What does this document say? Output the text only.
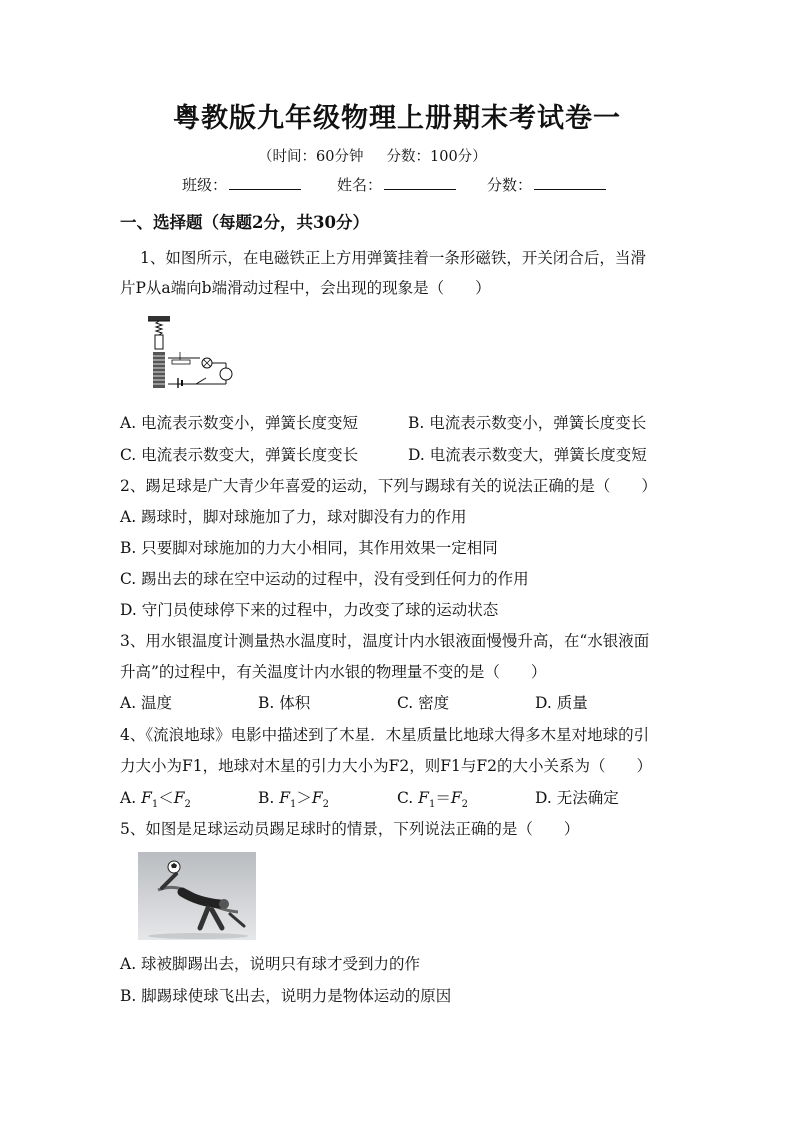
粤教版九年级物理上册期末考试卷一
（时间：60分钟     分数：100分）
班级：	姓名：	分数：
一、选择题（每题2分，共30分）
1、如图所示，在电磁铁正上方用弹簧挂着一条形磁铁，开关闭合后，当滑
片P从a端向b端滑动过程中，会出现的现象是（　　）
A. 电流表示数变小，弹簧长度变短	B. 电流表示数变小，弹簧长度变长
C. 电流表示数变大，弹簧长度变长	D. 电流表示数变大，弹簧长度变短
2、踢足球是广大青少年喜爱的运动，下列与踢球有关的说法正确的是（　　）
A. 踢球时，脚对球施加了力，球对脚没有力的作用
B. 只要脚对球施加的力大小相同，其作用效果一定相同
C. 踢出去的球在空中运动的过程中，没有受到任何力的作用
D. 守门员使球停下来的过程中，力改变了球的运动状态
3、用水银温度计测量热水温度时，温度计内水银液面慢慢升高，在“水银液面
升高”的过程中，有关温度计内水银的物理量不变的是（　　）
A. 温度	B. 体积	C. 密度	D. 质量
4、《流浪地球》电影中描述到了木星．木星质量比地球大得多木星对地球的引
力大小为F1，地球对木星的引力大小为F2，则F1与F2的大小关系为（　　）
A. $F_1<F_2$	B. $F_1>F_2$	C. $F_1=F_2$	D. 无法确定
5、如图是足球运动员踢足球时的情景，下列说法正确的是（　　）
A. 球被脚踢出去，说明只有球才受到力的作
B. 脚踢球使球飞出去，说明力是物体运动的原因
